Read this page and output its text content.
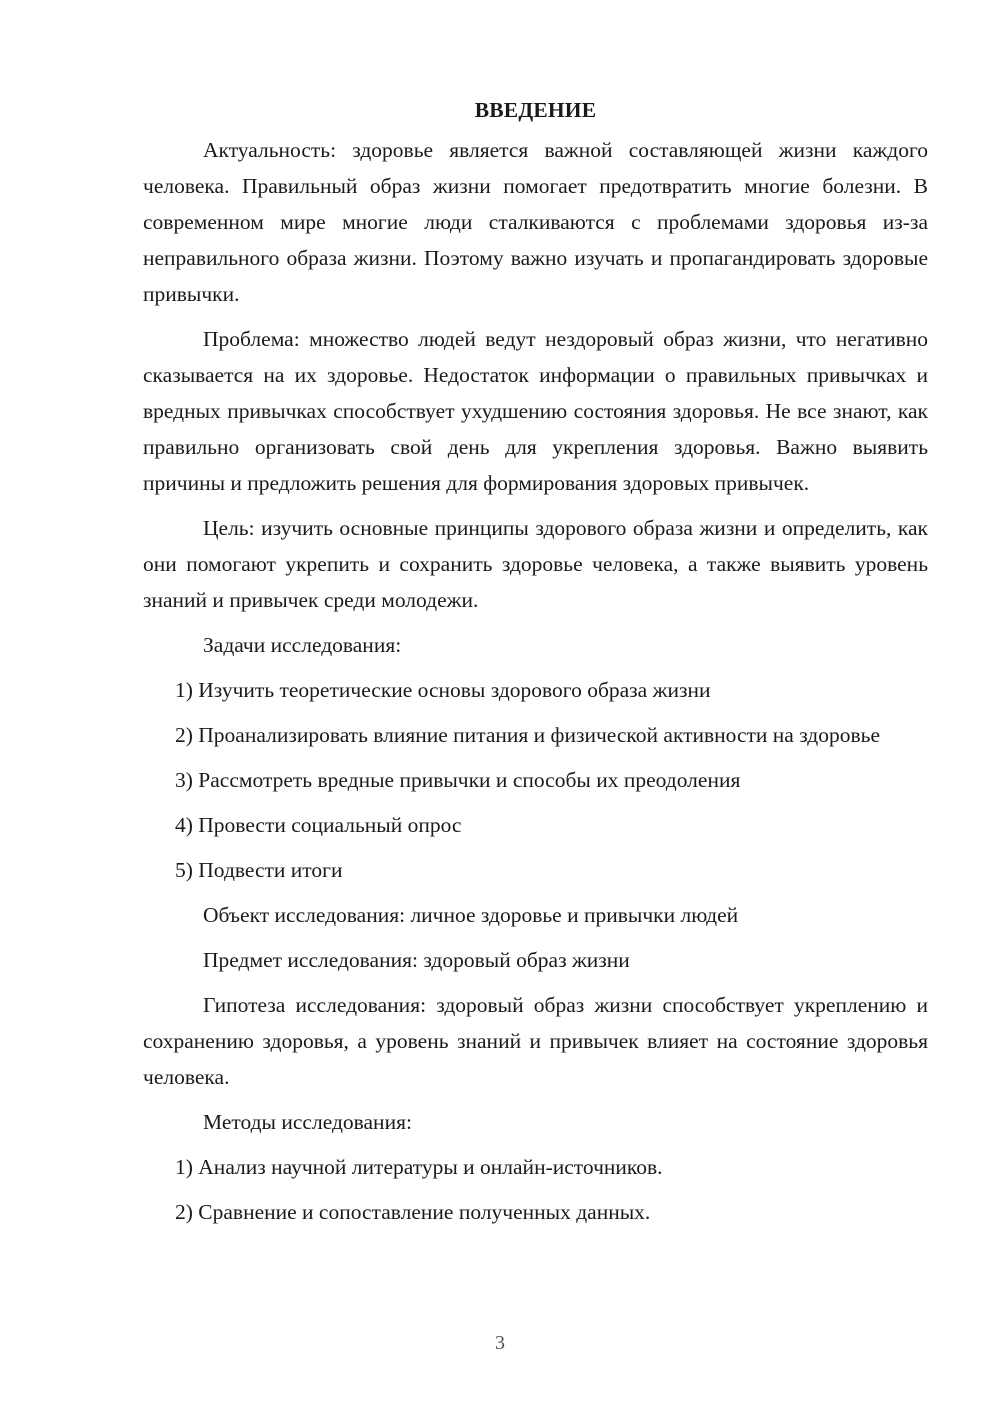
ВВЕДЕНИЕ

Актуальность: здоровье является важной составляющей жизни каждого человека. Правильный образ жизни помогает предотвратить многие болезни. В современном мире многие люди сталкиваются с проблемами здоровья из-за неправильного образа жизни. Поэтому важно изучать и пропагандировать здоровые привычки.

Проблема: множество людей ведут нездоровый образ жизни, что негативно сказывается на их здоровье. Недостаток информации о правильных привычках и вредных привычках способствует ухудшению состояния здоровья. Не все знают, как правильно организовать свой день для укрепления здоровья. Важно выявить причины и предложить решения для формирования здоровых привычек.

Цель: изучить основные принципы здорового образа жизни и определить, как они помогают укрепить и сохранить здоровье человека, а также выявить уровень знаний и привычек среди молодежи.

Задачи исследования:

1) Изучить теоретические основы здорового образа жизни

2) Проанализировать влияние питания и физической активности на здоровье

3) Рассмотреть вредные привычки и способы их преодоления

4) Провести социальный опрос

5) Подвести итоги

Объект исследования: личное здоровье и привычки людей

Предмет исследования: здоровый образ жизни

Гипотеза исследования: здоровый образ жизни способствует укреплению и сохранению здоровья, а уровень знаний и привычек влияет на состояние здоровья человека.

Методы исследования:

1) Анализ научной литературы и онлайн-источников.

2) Сравнение и сопоставление полученных данных.

3
